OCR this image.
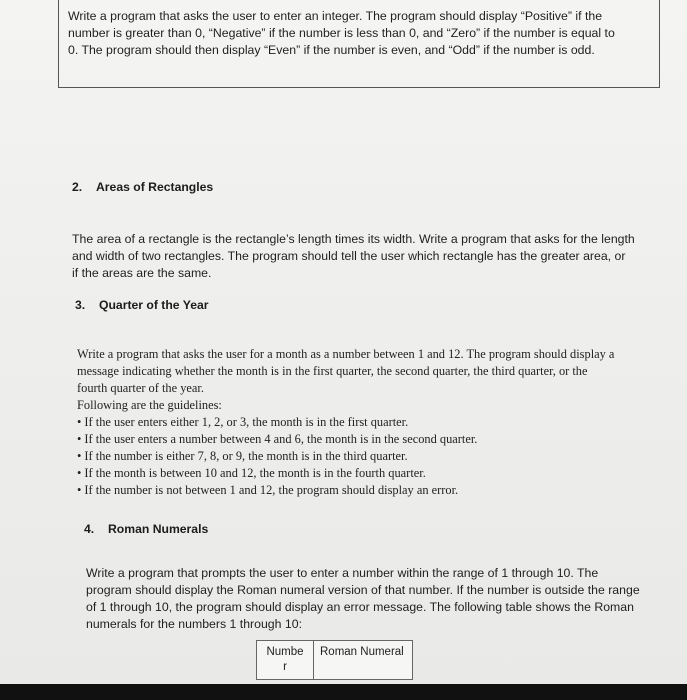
Write a program that asks the user to enter an integer. The program should display “Positive” if the
number is greater than 0, “Negative” if the number is less than 0, and “Zero” if the number is equal to
0. The program should then display “Even” if the number is even, and “Odd” if the number is odd.
2. Areas of Rectangles
The area of a rectangle is the rectangle’s length times its width. Write a program that asks for the length
and width of two rectangles. The program should tell the user which rectangle has the greater area, or
if the areas are the same.
3. Quarter of the Year
Write a program that asks the user for a month as a number between 1 and 12. The program should display a
message indicating whether the month is in the first quarter, the second quarter, the third quarter, or the
fourth quarter of the year.
Following are the guidelines:
• If the user enters either 1, 2, or 3, the month is in the first quarter.
• If the user enters a number between 4 and 6, the month is in the second quarter.
• If the number is either 7, 8, or 9, the month is in the third quarter.
• If the month is between 10 and 12, the month is in the fourth quarter.
• If the number is not between 1 and 12, the program should display an error.
4. Roman Numerals
Write a program that prompts the user to enter a number within the range of 1 through 10. The
program should display the Roman numeral version of that number. If the number is outside the range
of 1 through 10, the program should display an error message. The following table shows the Roman
numerals for the numbers 1 through 10:
Numbe
r
	Roman Numeral
